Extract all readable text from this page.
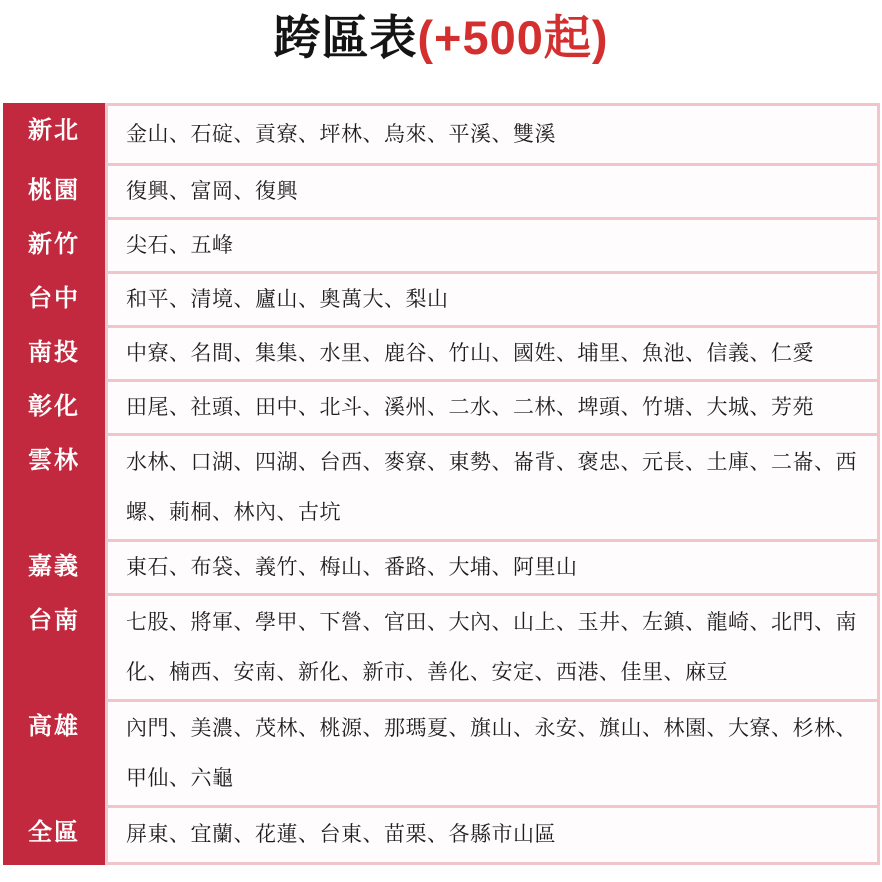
跨區表(+500起)
新北	金山、石碇、貢寮、坪林、烏來、平溪、雙溪
桃園	復興、富岡、復興
新竹	尖石、五峰
台中	和平、清境、廬山、奧萬大、梨山
南投	中寮、名間、集集、水里、鹿谷、竹山、國姓、埔里、魚池、信義、仁愛
彰化	田尾、社頭、田中、北斗、溪州、二水、二林、埤頭、竹塘、大城、芳苑
雲林	水林、口湖、四湖、台西、麥寮、東勢、崙背、褒忠、元長、土庫、二崙、西螺、莿桐、林內、古坑
嘉義	東石、布袋、義竹、梅山、番路、大埔、阿里山
台南	七股、將軍、學甲、下營、官田、大內、山上、玉井、左鎮、龍崎、北門、南化、楠西、安南、新化、新市、善化、安定、西港、佳里、麻豆
高雄	內門、美濃、茂林、桃源、那瑪夏、旗山、永安、旗山、林園、大寮、杉林、甲仙、六龜
全區	屏東、宜蘭、花蓮、台東、苗栗、各縣市山區
